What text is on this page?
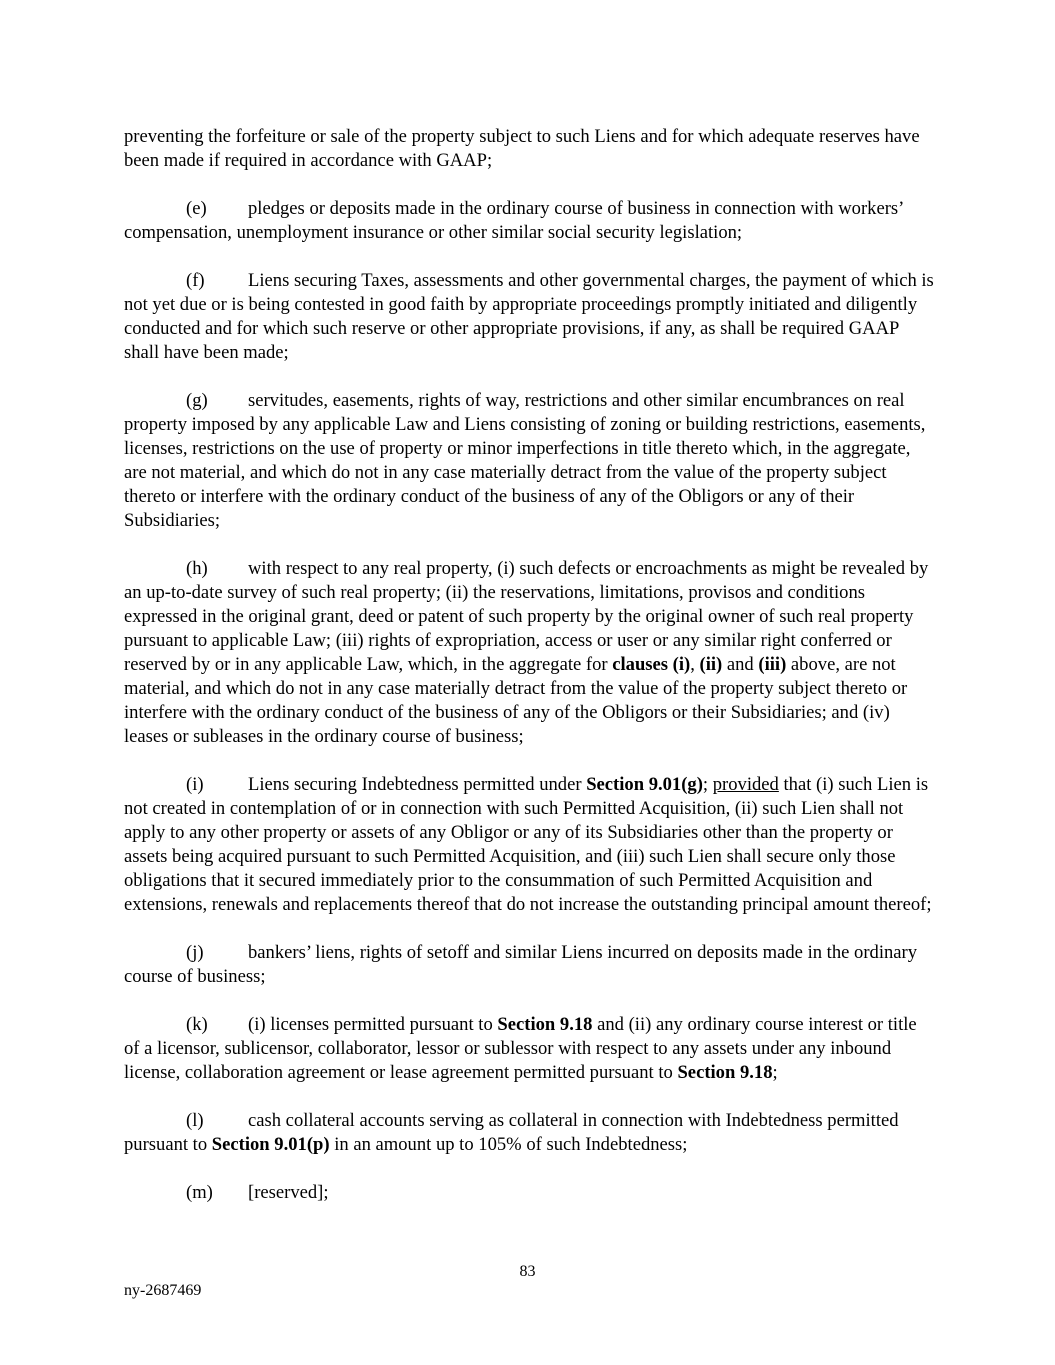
preventing the forfeiture or sale of the property subject to such Liens and for which adequate reserves have been made if required in accordance with GAAP;

(e) pledges or deposits made in the ordinary course of business in connection with workers’ compensation, unemployment insurance or other similar social security legislation;

(f) Liens securing Taxes, assessments and other governmental charges, the payment of which is not yet due or is being contested in good faith by appropriate proceedings promptly initiated and diligently conducted and for which such reserve or other appropriate provisions, if any, as shall be required GAAP shall have been made;

(g) servitudes, easements, rights of way, restrictions and other similar encumbrances on real property imposed by any applicable Law and Liens consisting of zoning or building restrictions, easements, licenses, restrictions on the use of property or minor imperfections in title thereto which, in the aggregate, are not material, and which do not in any case materially detract from the value of the property subject thereto or interfere with the ordinary conduct of the business of any of the Obligors or any of their Subsidiaries;

(h) with respect to any real property, (i) such defects or encroachments as might be revealed by an up-to-date survey of such real property; (ii) the reservations, limitations, provisos and conditions expressed in the original grant, deed or patent of such property by the original owner of such real property pursuant to applicable Law; (iii) rights of expropriation, access or user or any similar right conferred or reserved by or in any applicable Law, which, in the aggregate for clauses (i), (ii) and (iii) above, are not material, and which do not in any case materially detract from the value of the property subject thereto or interfere with the ordinary conduct of the business of any of the Obligors or their Subsidiaries; and (iv) leases or subleases in the ordinary course of business;

(i) Liens securing Indebtedness permitted under Section 9.01(g); provided that (i) such Lien is not created in contemplation of or in connection with such Permitted Acquisition, (ii) such Lien shall not apply to any other property or assets of any Obligor or any of its Subsidiaries other than the property or assets being acquired pursuant to such Permitted Acquisition, and (iii) such Lien shall secure only those obligations that it secured immediately prior to the consummation of such Permitted Acquisition and extensions, renewals and replacements thereof that do not increase the outstanding principal amount thereof;

(j) bankers’ liens, rights of setoff and similar Liens incurred on deposits made in the ordinary course of business;

(k) (i) licenses permitted pursuant to Section 9.18 and (ii) any ordinary course interest or title of a licensor, sublicensor, collaborator, lessor or sublessor with respect to any assets under any inbound license, collaboration agreement or lease agreement permitted pursuant to Section 9.18;

(l) cash collateral accounts serving as collateral in connection with Indebtedness permitted pursuant to Section 9.01(p) in an amount up to 105% of such Indebtedness;

(m) [reserved];

83
ny-2687469
